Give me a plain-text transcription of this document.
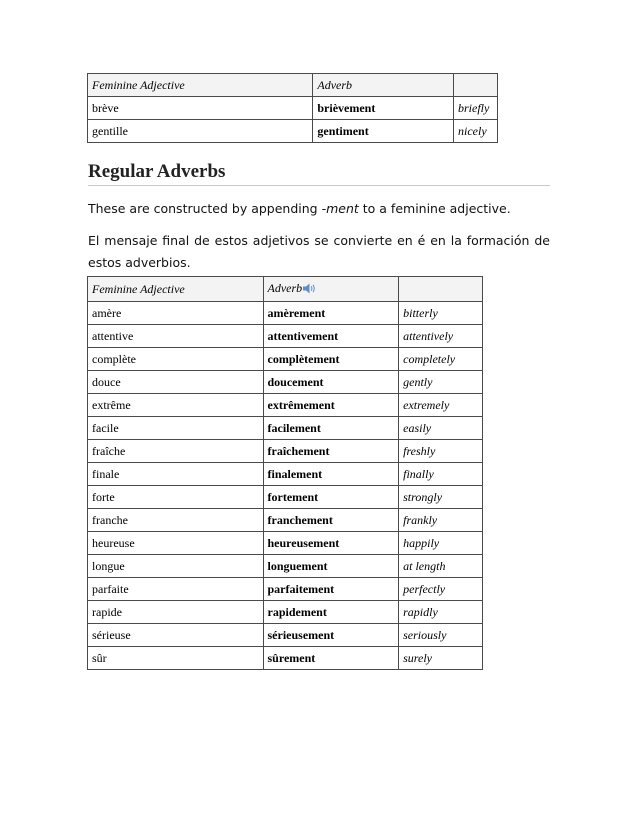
Feminine Adjective	Adverb	
brève	brièvement	briefly
gentille	gentiment	nicely
Regular Adverbs

These are constructed by appending -ment to a feminine adjective.

El mensaje final de estos adjetivos se convierte en é en la formación de estos adverbios.

Feminine Adjective	Adverb	
amère	amèrement	bitterly
attentive	attentivement	attentively
complète	complètement	completely
douce	doucement	gently
extrême	extrêmement	extremely
facile	facilement	easily
fraîche	fraîchement	freshly
finale	finalement	finally
forte	fortement	strongly
franche	franchement	frankly
heureuse	heureusement	happily
longue	longuement	at length
parfaite	parfaitement	perfectly
rapide	rapidement	rapidly
sérieuse	sérieusement	seriously
sûr	sûrement	surely
